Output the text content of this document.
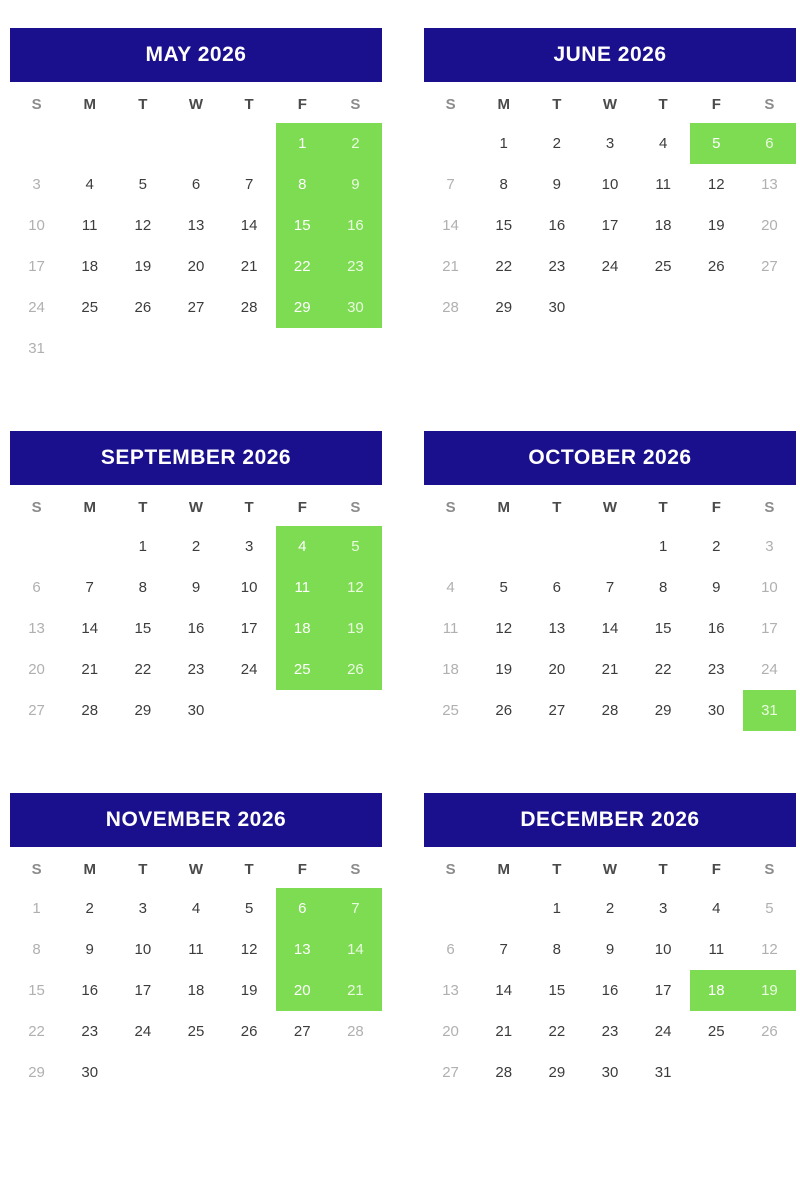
MAY 2026
S	M	T	W	T	F	S
					1	2
3	4	5	6	7	8	9
10	11	12	13	14	15	16
17	18	19	20	21	22	23
24	25	26	27	28	29	30
31						
JUNE 2026
S	M	T	W	T	F	S
	1	2	3	4	5	6
7	8	9	10	11	12	13
14	15	16	17	18	19	20
21	22	23	24	25	26	27
28	29	30				
SEPTEMBER 2026
S	M	T	W	T	F	S
		1	2	3	4	5
6	7	8	9	10	11	12
13	14	15	16	17	18	19
20	21	22	23	24	25	26
27	28	29	30			
OCTOBER 2026
S	M	T	W	T	F	S
				1	2	3
4	5	6	7	8	9	10
11	12	13	14	15	16	17
18	19	20	21	22	23	24
25	26	27	28	29	30	31
NOVEMBER 2026
S	M	T	W	T	F	S
1	2	3	4	5	6	7
8	9	10	11	12	13	14
15	16	17	18	19	20	21
22	23	24	25	26	27	28
29	30					
DECEMBER 2026
S	M	T	W	T	F	S
		1	2	3	4	5
6	7	8	9	10	11	12
13	14	15	16	17	18	19
20	21	22	23	24	25	26
27	28	29	30	31		
